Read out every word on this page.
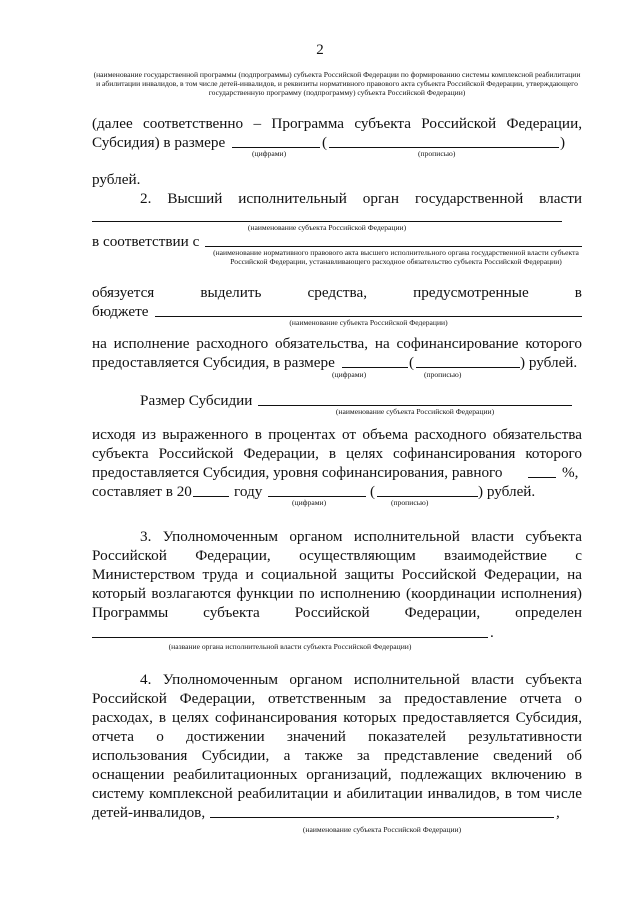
2
(наименование государственной программы (подпрограммы) субъекта Российской Федерации по формированию системы комплексной реабилитации и абилитации инвалидов, в том числе детей-инвалидов, и реквизиты нормативного правового акта субъекта Российской Федерации, утверждающего государственную программу (подпрограмму) субъекта Российской Федерации)
(далее соответственно – Программа субъекта Российской Федерации,
Субсидия) в размере	(	)
(цифрами)	(прописью)
рублей.
2. Высший исполнительный орган государственной власти
(наименование субъекта Российской Федерации)
в соответствии с
(наименование нормативного правового акта высшего исполнительного органа государственной власти субъекта Российской Федерации, устанавливающего расходное обязательство субъекта Российской Федерации)
обязуется	выделить	средства,	предусмотренные	в
бюджете
(наименование субъекта Российской Федерации)
на исполнение расходного обязательства, на софинансирование которого
предоставляется Субсидия, в размере	(	) рублей.
(цифрами)	(прописью)
Размер Субсидии
(наименование субъекта Российской Федерации)
исходя из выраженного в процентах от объема расходного обязательства
субъекта Российской Федерации, в целях софинансирования которого
предоставляется Субсидия, уровня софинансирования, равного	%,
составляет в 20	году	(	) рублей.
(цифрами)	(прописью)
3. Уполномоченным органом исполнительной власти субъекта
Российской Федерации, осуществляющим взаимодействие с
Министерством труда и социальной защиты Российской Федерации, на
который возлагаются функции по исполнению (координации исполнения)
Программы субъекта Российской Федерации, определен
.
(название органа исполнительной власти субъекта Российской Федерации)
4. Уполномоченным органом исполнительной власти субъекта
Российской Федерации, ответственным за предоставление отчета о
расходах, в целях софинансирования которых предоставляется Субсидия,
отчета о достижении значений показателей результативности
использования Субсидии, а также за представление сведений об
оснащении реабилитационных организаций, подлежащих включению в
систему комплексной реабилитации и абилитации инвалидов, в том числе
детей-инвалидов,	,
(наименование субъекта Российской Федерации)
